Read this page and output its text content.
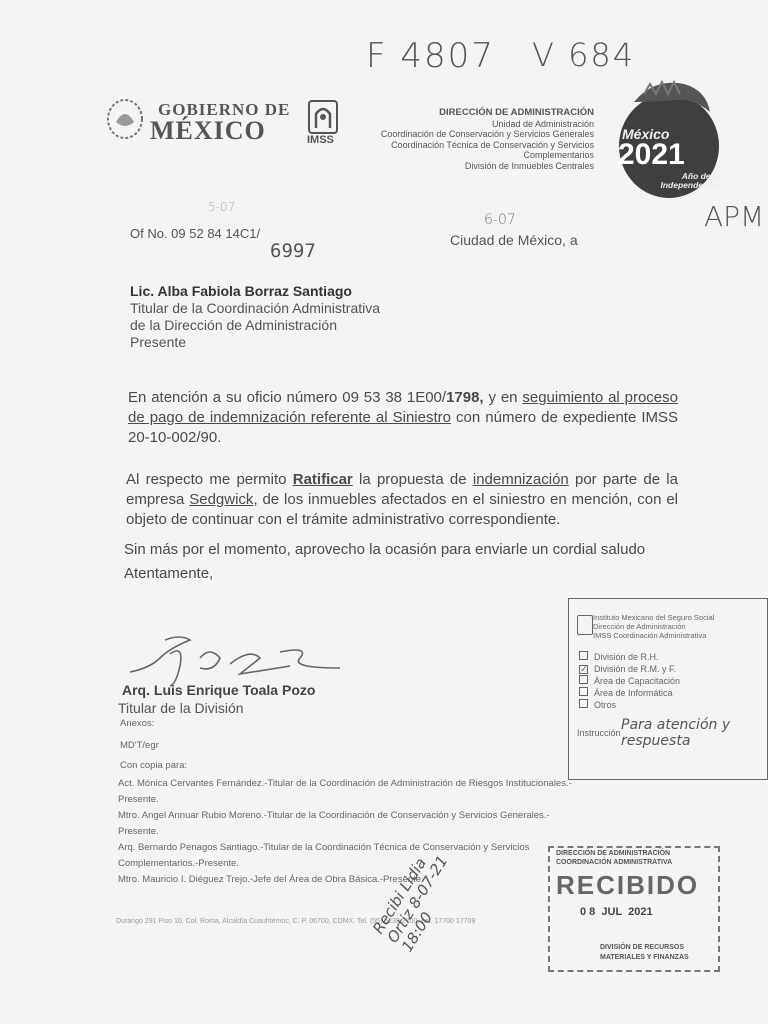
F 4807 V 684
APM
GOBIERNO DE
MÉXICO	IMSS
DIRECCIÓN DE ADMINISTRACIÓN
Unidad de Administración
Coordinación de Conservación y Servicios Generales
Coordinación Técnica de Conservación y Servicios
Complementarios
División de Inmuebles Centrales
México
2021
Año de la Independencia
5-07
Of No. 09 52 84 14C1/
6997
6-07
Ciudad de México, a
Lic. Alba Fabiola Borraz Santiago
Titular de la Coordinación Administrativa
de la Dirección de Administración
Presente
En atención a su oficio número 09 53 38 1E00/1798, y en seguimiento al proceso de pago de indemnización referente al Siniestro con número de expediente IMSS 20-10-002/90.
Al respecto me permito Ratificar la propuesta de indemnización por parte de la empresa Sedgwick, de los inmuebles afectados en el siniestro en mención, con el objeto de continuar con el trámite administrativo correspondiente.
Sin más por el momento, aprovecho la ocasión para enviarle un cordial saludo
Atentamente,
Arq. Luis Enrique Toala Pozo
Titular de la División
Anexos:
MD'T/egr
Con copia para:
Act. Mónica Cervantes Fernández.-Titular de la Coordinación de Administración de Riesgos Institucionales.-
Presente.
Mtro. Angel Annuar Rubio Moreno.-Titular de la Coordinación de Conservación y Servicios Generales.-
Presente.
Arq. Bernardo Penagos Santiago.-Titular de la Coordinación Técnica de Conservación y Servicios
Complementarios.-Presente.
Mtro. Mauricio I. Diéguez Trejo.-Jefe del Área de Obra Básica.-Presente.
Durango 291 Piso 10, Col. Roma, Alcaldía Cuauhtémoc, C. P. 06700, CDMX. Tel. (55) 5238 2700, ext. 17700 17709
Instituto Mexicano del Seguro Social
Dirección de Administración
IMSS Coordinación Administrativa
División de R.H.
✓ División de R.M. y F.
Área de Capacitación
Área de Informática
Otros
Instrucción Para atención y respuesta
DIRECCIÓN DE ADMINISTRACIÓN
COORDINACIÓN ADMINISTRATIVA
RECIBIDO
0 8  JUL  2021
DIVISIÓN DE RECURSOS
MATERIALES Y FINANZAS
Recibi Lidia Ortiz 8-07-21 18:00
